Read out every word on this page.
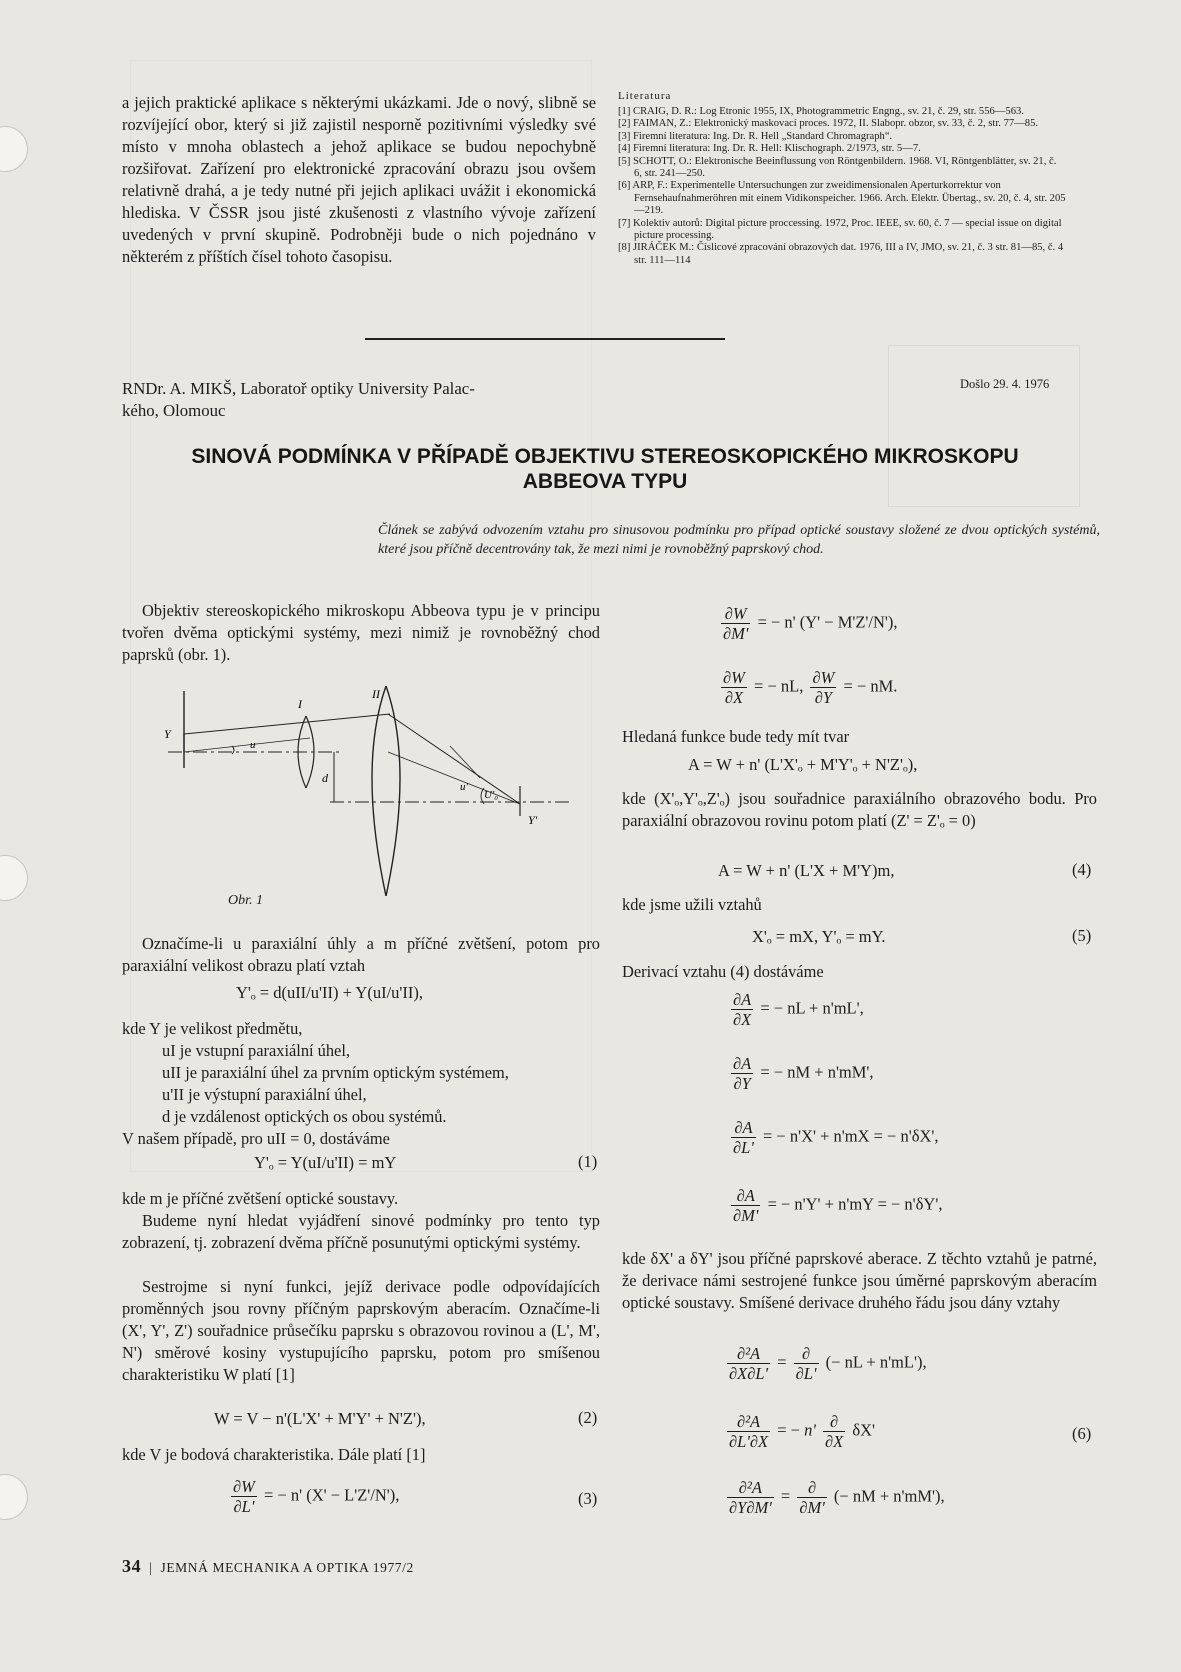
a jejich praktické aplikace s některými ukázkami. Jde o nový, slibně se rozvíjející obor, který si již zajistil nesporně pozitivními výsledky své místo v mnoha oblastech a jehož aplikace se budou nepochybně rozšiřovat. Zařízení pro elektronické zpracování obrazu jsou ovšem relativně drahá, a je tedy nutné při jejich aplikaci uvážit i ekonomická hlediska. V ČSSR jsou jisté zkušenosti z vlastního vývoje zařízení uvedených v první skupině. Podrobněji bude o nich pojednáno v některém z příštích čísel tohoto časopisu.

Literatura
[1] CRAIG, D. R.: Log Etronic 1955, IX, Photogrammetric Engng., sv. 21, č. 29, str. 556—563.
[2] FAIMAN, Z.: Elektronický maskovací proces. 1972, II. Slabopr. obzor, sv. 33, č. 2, str. 77—85.
[3] Firemní literatura: Ing. Dr. R. Hell „Standard Chromagraph“.
[4] Firemní literatura: Ing. Dr. R. Hell: Klischograph. 2/1973, str. 5—7.
[5] SCHOTT, O.: Elektronische Beeinflussung von Röntgenbildern. 1968. VI, Röntgenblätter, sv. 21, č. 6, str. 241—250.
[6] ARP, F.: Experimentelle Untersuchungen zur zweidimensionalen Aperturkorrektur von Fernsehaufnahmeröhren mit einem Vidikonspeicher. 1966. Arch. Elektr. Übertag., sv. 20, č. 4, str. 205—219.
[7] Kolektiv autorů: Digital picture proccessing. 1972, Proc. IEEE, sv. 60, č. 7 — special issue on digital picture processing.
[8] JIRÁČEK M.: Číslicové zpracování obrazových dat. 1976, III a IV, JMO, sv. 21, č. 3 str. 81—85, č. 4 str. 111—114
RNDr. A. MIKŠ, Laboratoř optiky University Palac-
kého, Olomouc
Došlo 29. 4. 1976
SINOVÁ PODMÍNKA V PŘÍPADĚ OBJEKTIVU STEREOSKOPICKÉHO MIKROSKOPU
ABBEOVA TYPU
Článek se zabývá odvozením vztahu pro sinusovou podmínku pro případ optické soustavy složené ze dvou optických systémů, které jsou příčně decentrovány tak, že mezi nimi je rovnoběžný paprskový chod.
Objektiv stereoskopického mikroskopu Abbeova typu je v principu tvořen dvěma optickými systémy, mezi nimiž je rovnoběžný chod paprsků (obr. 1).
Y
I
II
u
d
u'
U'₀
Y'
Obr. 1
Označíme-li u paraxiální úhly a m příčné zvětšení, potom pro paraxiální velikost obrazu platí vztah
Y'ₒ = d(uII/u'II) + Y(uI/u'II),
kde Y je velikost předmětu,
uI je vstupní paraxiální úhel,
uII je paraxiální úhel za prvním optickým systémem,
u'II je výstupní paraxiální úhel,
d je vzdálenost optických os obou systémů.
V našem případě, pro uII = 0, dostáváme
Y'ₒ = Y(uI/u'II) = mY	(1)
kde m je příčné zvětšení optické soustavy.
Budeme nyní hledat vyjádření sinové podmínky pro tento typ zobrazení, tj. zobrazení dvěma příčně posunutými optickými systémy.
Sestrojme si nyní funkci, jejíž derivace podle odpovídajících proměnných jsou rovny příčným paprskovým aberacím. Označíme-li (X', Y', Z') souřadnice průsečíku paprsku s obrazovou rovinou a (L', M', N') směrové kosiny vystupujícího paprsku, potom pro smíšenou charakteristiku W platí [1]
W = V − n'(L'X' + M'Y' + N'Z'),	(2)
kde V je bodová charakteristika. Dále platí [1]
$\frac{\partial W}{\partial L'}$ = − n' (X' − L'Z'/N'),	(3)
$\frac{\partial W}{\partial M'}$ = − n' (Y' − M'Z'/N'),
$\frac{\partial W}{\partial X}$ = − nL, $\frac{\partial W}{\partial Y}$ = − nM.
Hledaná funkce bude tedy mít tvar
A = W + n' (L'X'ₒ + M'Y'ₒ + N'Z'ₒ),
kde (X'ₒ,Y'ₒ,Z'ₒ) jsou souřadnice paraxiálního obrazového bodu. Pro paraxiální obrazovou rovinu potom platí (Z' = Z'ₒ = 0)
A = W + n' (L'X + M'Y)m,	(4)
kde jsme užili vztahů
X'ₒ = mX, Y'ₒ = mY.	(5)
Derivací vztahu (4) dostáváme
$\frac{\partial A}{\partial X}$ = − nL + n'mL',
$\frac{\partial A}{\partial Y}$ = − nM + n'mM',
$\frac{\partial A}{\partial L'}$ = − n'X' + n'mX = − n'δX',
$\frac{\partial A}{\partial M'}$ = − n'Y' + n'mY = − n'δY',
kde δX' a δY' jsou příčné paprskové aberace. Z těchto vztahů je patrné, že derivace námi sestrojené funkce jsou úměrné paprskovým aberacím optické soustavy. Smíšené derivace druhého řádu jsou dány vztahy
$\frac{\text{∂²A}}{\partial X\partial L'} = \frac{\partial}{\partial L'}$ (− nL + n'mL'),
$\frac{\text{∂²A}}{\partial L'\partial X}$ = − $n' \frac{\partial}{\partial X} \delta X'$	(6)
$\frac{\text{∂²A}}{\partial Y\partial M'} = \frac{\partial}{\partial M'}$ (− nM + n'mM'),
34 | JEMNÁ MECHANIKA A OPTIKA 1977/2
